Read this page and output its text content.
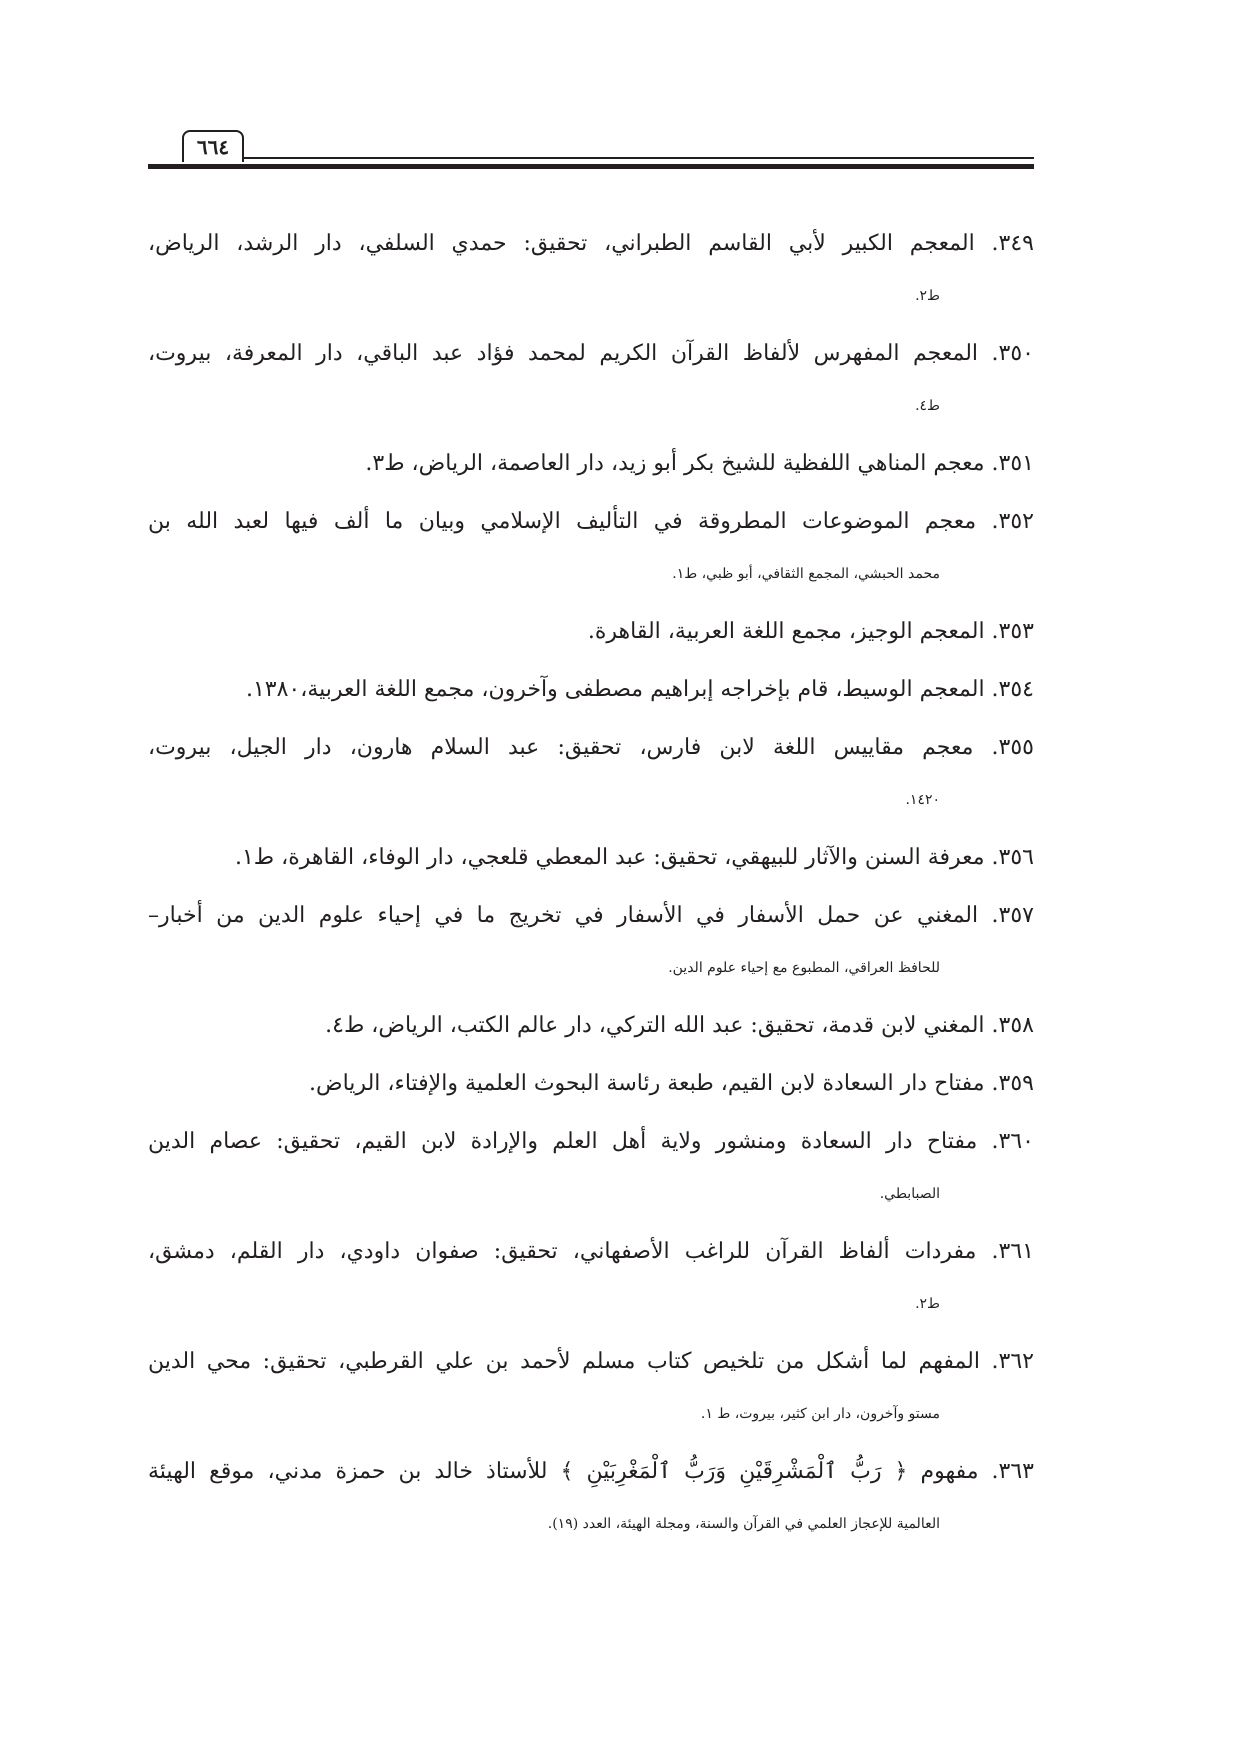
٦٦٤
٣٤٩. المعجم الكبير لأبي القاسم الطبراني، تحقيق: حمدي السلفي، دار الرشد، الرياض،
ط٢.
٣٥٠. المعجم المفهرس لألفاظ القرآن الكريم لمحمد فؤاد عبد الباقي، دار المعرفة، بيروت،
ط٤.
٣٥١. معجم المناهي اللفظية للشيخ بكر أبو زيد، دار العاصمة، الرياض، ط٣.
٣٥٢. معجم الموضوعات المطروقة في التأليف الإسلامي وبيان ما ألف فيها لعبد الله بن
محمد الحبشي، المجمع الثقافي، أبو ظبي، ط١.
٣٥٣. المعجم الوجيز، مجمع اللغة العربية، القاهرة.
٣٥٤. المعجم الوسيط، قام بإخراجه إبراهيم مصطفى وآخرون، مجمع اللغة العربية،١٣٨٠.
٣٥٥. معجم مقاييس اللغة لابن فارس، تحقيق: عبد السلام هارون، دار الجيل، بيروت،
١٤٢٠.
٣٥٦. معرفة السنن والآثار للبيهقي، تحقيق: عبد المعطي قلعجي، دار الوفاء، القاهرة، ط١.
٣٥٧. المغني عن حمل الأسفار في الأسفار في تخريج ما في إحياء علوم الدين من أخبار–
للحافظ العراقي، المطبوع مع إحياء علوم الدين.
٣٥٨. المغني لابن قدمة، تحقيق: عبد الله التركي، دار عالم الكتب، الرياض، ط٤.
٣٥٩. مفتاح دار السعادة لابن القيم، طبعة رئاسة البحوث العلمية والإفتاء، الرياض.
٣٦٠. مفتاح دار السعادة ومنشور ولاية أهل العلم والإرادة لابن القيم، تحقيق: عصام الدين
الصبابطي.
٣٦١. مفردات ألفاظ القرآن للراغب الأصفهاني، تحقيق: صفوان داودي، دار القلم، دمشق،
ط٢.
٣٦٢. المفهم لما أشكل من تلخيص كتاب مسلم لأحمد بن علي القرطبي، تحقيق: محي الدين
مستو وآخرون، دار ابن كثير، بيروت، ط ١.
٣٦٣. مفهوم ﴿ رَبُّ ٱلْمَشْرِقَيْنِ وَرَبُّ ٱلْمَغْرِبَيْنِ ﴾ للأستاذ خالد بن حمزة مدني، موقع الهيئة
العالمية للإعجاز العلمي في القرآن والسنة، ومجلة الهيئة، العدد (١٩).
